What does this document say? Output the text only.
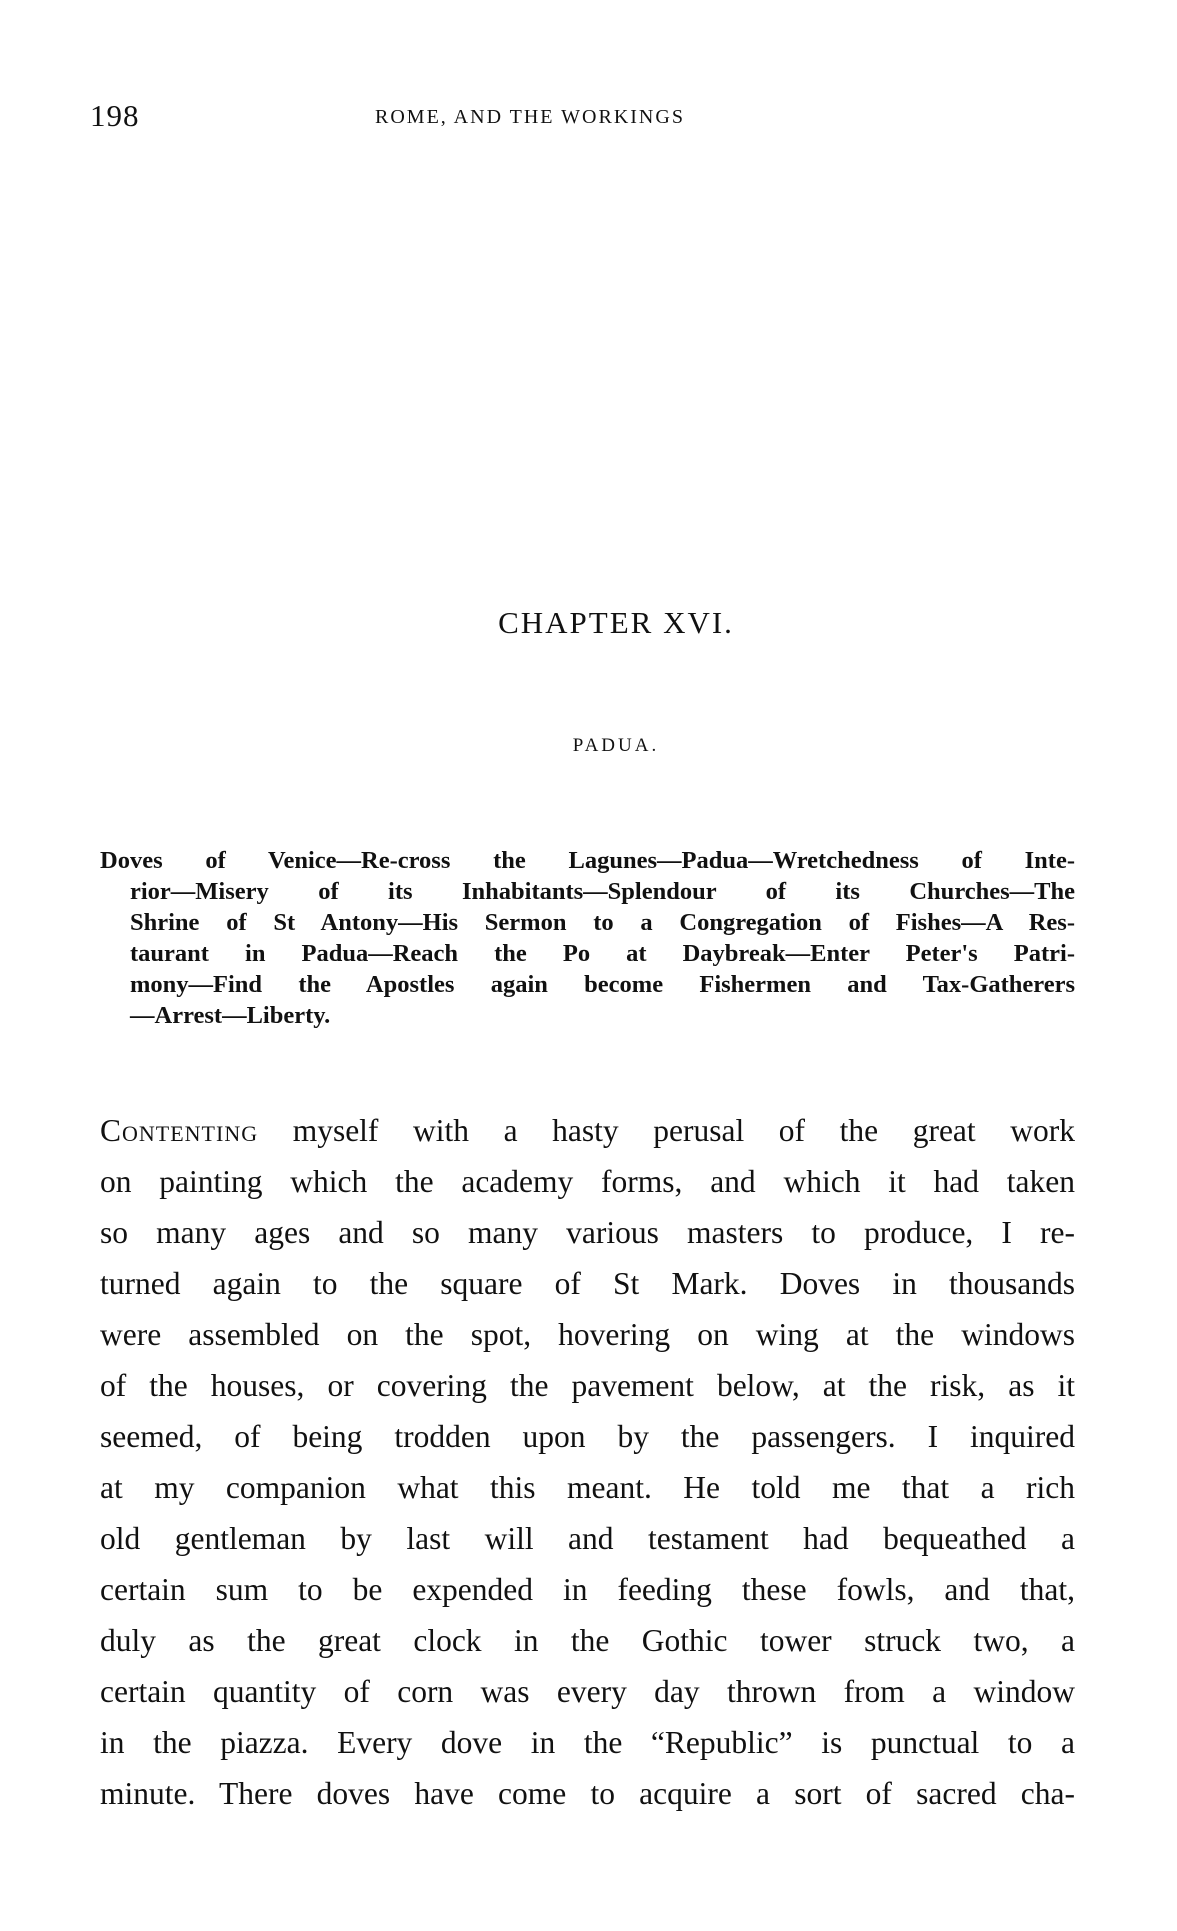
198	ROME, AND THE WORKINGS
CHAPTER XVI.
PADUA.
Doves of Venice—Re-cross the Lagunes—Padua—Wretchedness of Inte-
rior—Misery of its Inhabitants—Splendour of its Churches—The
Shrine of St Antony—His Sermon to a Congregation of Fishes—A Res-
taurant in Padua—Reach the Po at Daybreak—Enter Peter's Patri-
mony—Find the Apostles again become Fishermen and Tax-Gatherers
—Arrest—Liberty.
Contenting myself with a hasty perusal of the great work
on painting which the academy forms, and which it had taken
so many ages and so many various masters to produce, I re-
turned again to the square of St Mark. Doves in thousands
were assembled on the spot, hovering on wing at the windows
of the houses, or covering the pavement below, at the risk, as it
seemed, of being trodden upon by the passengers. I inquired
at my companion what this meant. He told me that a rich
old gentleman by last will and testament had bequeathed a
certain sum to be expended in feeding these fowls, and that,
duly as the great clock in the Gothic tower struck two, a
certain quantity of corn was every day thrown from a window
in the piazza. Every dove in the “Republic” is punctual to a
minute. There doves have come to acquire a sort of sacred cha-
